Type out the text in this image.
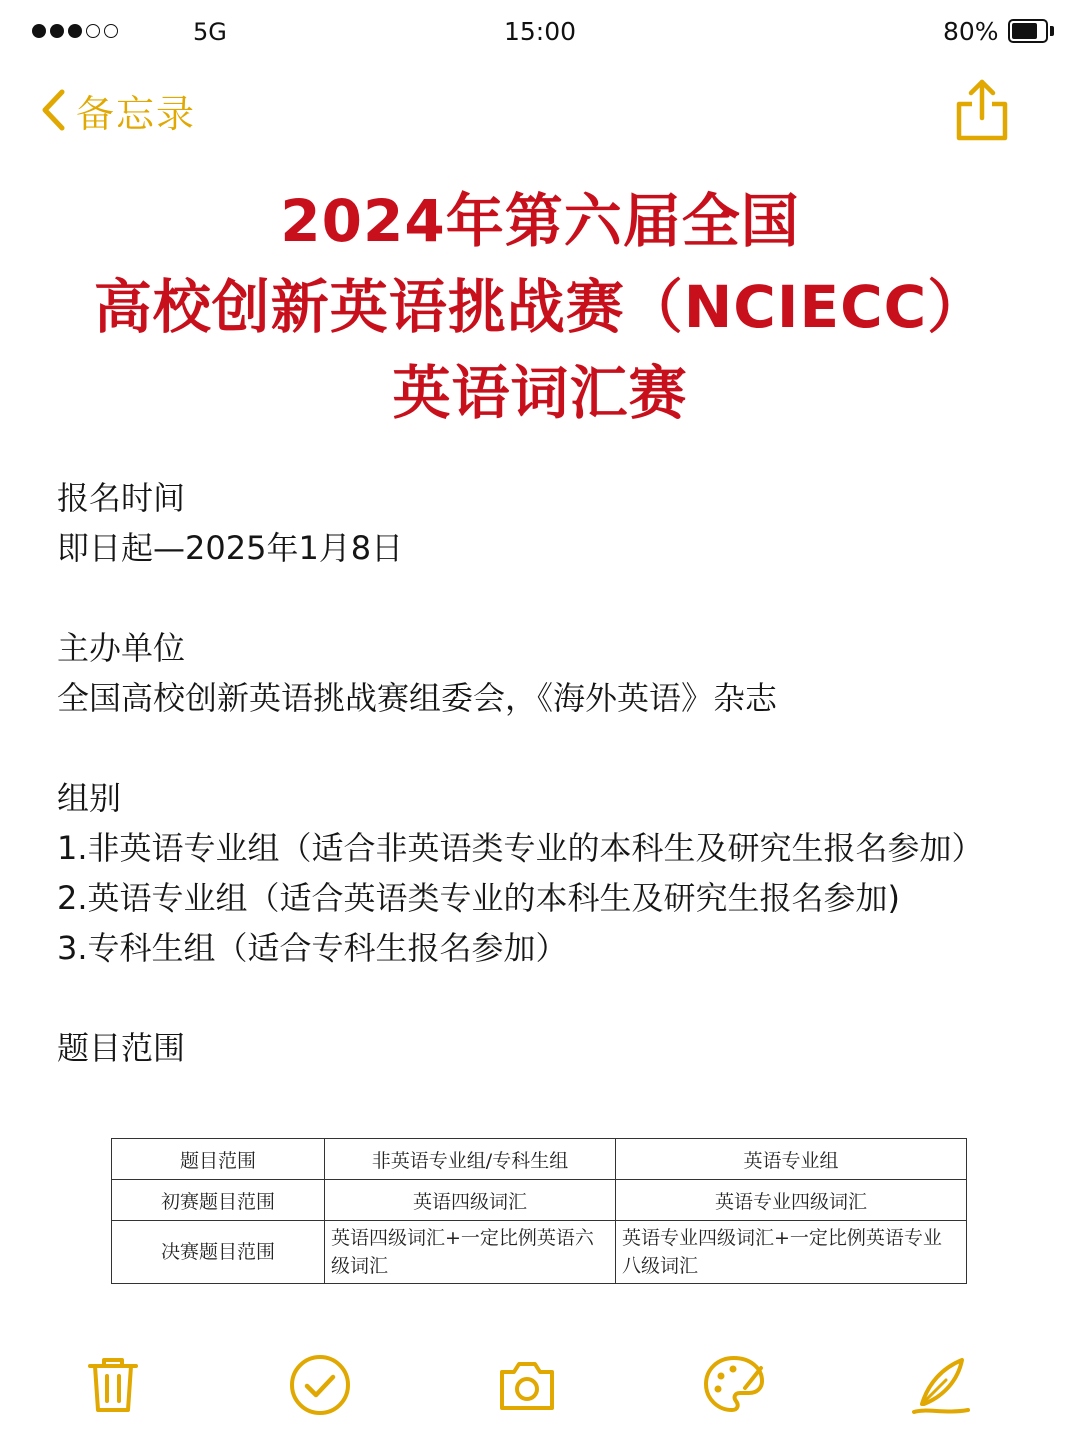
5G	15:00	80%
备忘录
2024年第六届全国
高校创新英语挑战赛（NCIECC）
英语词汇赛

报名时间

即日起—2025年1月8日

主办单位

全国高校创新英语挑战赛组委会，《海外英语》杂志

组别

1.非英语专业组（适合非英语类专业的本科生及研究生报名参加）

2.英语专业组（适合英语类专业的本科生及研究生报名参加)

3.专科生组（适合专科生报名参加）

题目范围

题目范围	非英语专业组/专科生组	英语专业组
初赛题目范围	英语四级词汇	英语专业四级词汇
决赛题目范围	英语四级词汇+一定比例英语六级词汇	英语专业四级词汇+一定比例英语专业八级词汇
